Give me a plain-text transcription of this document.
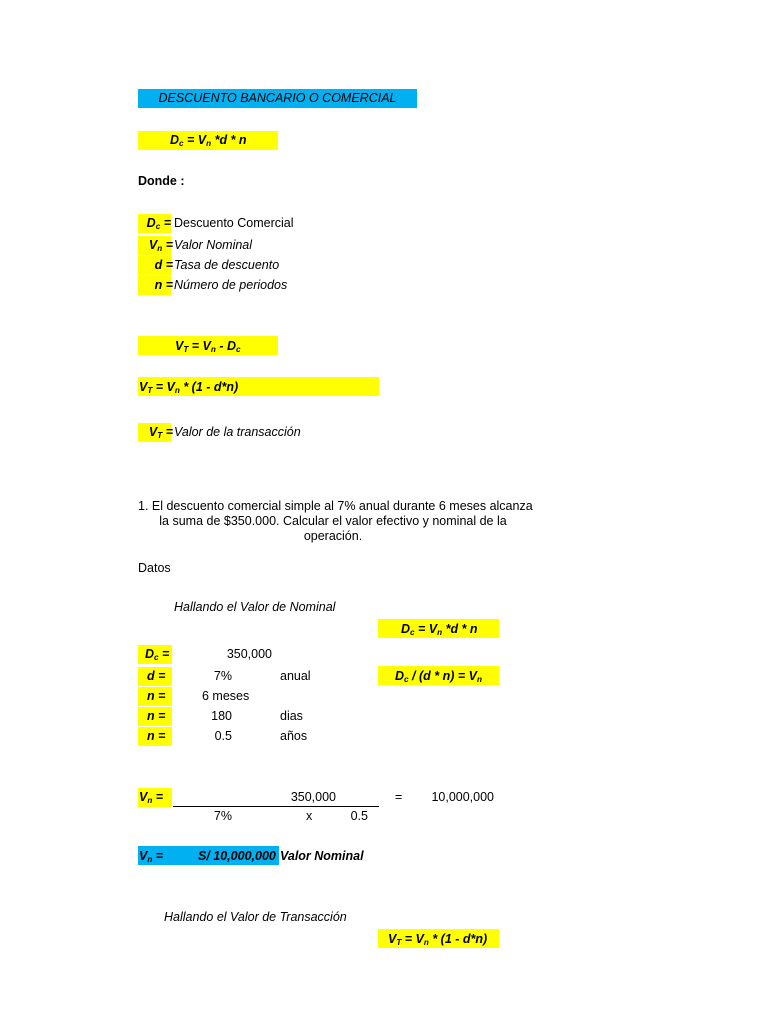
DESCUENTO BANCARIO O COMERCIAL
$D_c = V_n$ *d * n
Donde :
$D_c$ = Descuento Comercial
$V_n$ = Valor Nominal
d = Tasa de descuento
n = Número de periodos
$V_T = V_n - D_c$
$V_T = V_n * (1 - d*n)$
$V_T$ = Valor de la transacción
1. El descuento comercial simple al 7% anual durante 6 meses alcanza
la suma de $350.000. Calcular el valor efectivo y nominal de la
operación.
Datos
Hallando el Valor de Nominal
$D_c = V_n$ *d * n
$D_c / (d * n) = V_n$
$D_c$ =	350,000
d =	7%	anual
n =	6 meses
n =	180	dias
n =	0.5	años
$V_n$ =	350,000	=	10,000,000
7%	x	0.5
$V_n$ =	S/ 10,000,000 Valor Nominal
Hallando el Valor de Transacción
$V_T = V_n * (1 - d*n)$
